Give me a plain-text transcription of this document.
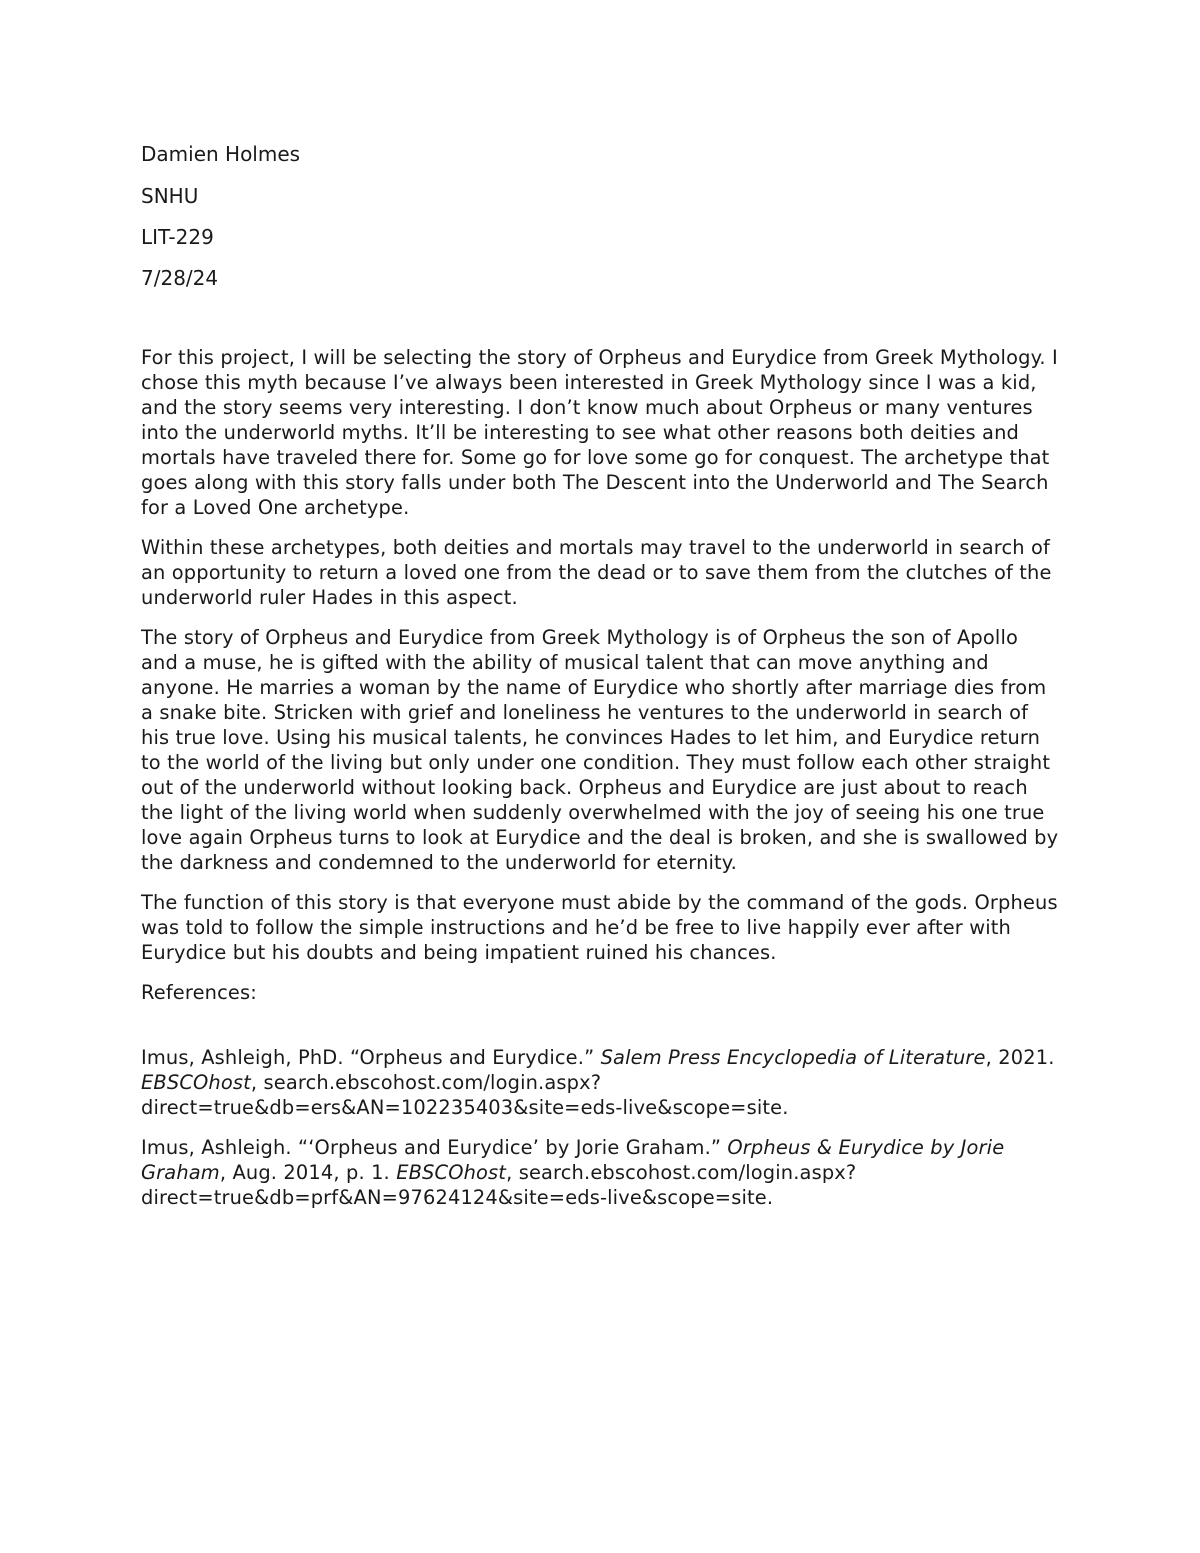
Damien Holmes

SNHU

LIT-229

7/28/24

For this project, I will be selecting the story of Orpheus and Eurydice from Greek Mythology. I chose this myth because I’ve always been interested in Greek Mythology since I was a kid, and the story seems very interesting. I don’t know much about Orpheus or many ventures into the underworld myths. It’ll be interesting to see what other reasons both deities and mortals have traveled there for. Some go for love some go for conquest. The archetype that goes along with this story falls under both The Descent into the Underworld and The Search for a Loved One archetype.

Within these archetypes, both deities and mortals may travel to the underworld in search of an opportunity to return a loved one from the dead or to save them from the clutches of the underworld ruler Hades in this aspect.

The story of Orpheus and Eurydice from Greek Mythology is of Orpheus the son of Apollo and a muse, he is gifted with the ability of musical talent that can move anything and anyone. He marries a woman by the name of Eurydice who shortly after marriage dies from a snake bite. Stricken with grief and loneliness he ventures to the underworld in search of his true love. Using his musical talents, he convinces Hades to let him, and Eurydice return to the world of the living but only under one condition. They must follow each other straight out of the underworld without looking back. Orpheus and Eurydice are just about to reach the light of the living world when suddenly overwhelmed with the joy of seeing his one true love again Orpheus turns to look at Eurydice and the deal is broken, and she is swallowed by the darkness and condemned to the underworld for eternity.

The function of this story is that everyone must abide by the command of the gods. Orpheus was told to follow the simple instructions and he’d be free to live happily ever after with Eurydice but his doubts and being impatient ruined his chances.

References:

Imus, Ashleigh, PhD. “Orpheus and Eurydice.” Salem Press Encyclopedia of Literature, 2021. EBSCOhost, search.ebscohost.com/login.aspx?direct=true&db=ers&AN=102235403&site=eds-live&scope=site.
Imus, Ashleigh. “‘Orpheus and Eurydice’ by Jorie Graham.” Orpheus & Eurydice by Jorie Graham, Aug. 2014, p. 1. EBSCOhost, search.ebscohost.com/login.aspx?direct=true&db=prf&AN=97624124&site=eds-live&scope=site.
